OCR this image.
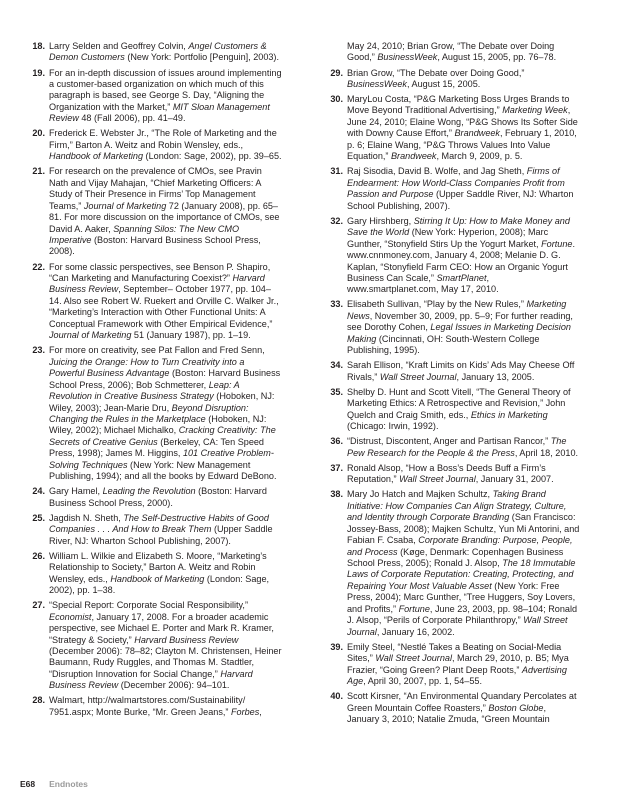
18. Larry Selden and Geoffrey Colvin, Angel Customers & Demon Customers (New York: Portfolio [Penguin], 2003).
19. For an in-depth discussion of issues around implementing a customer-based organization on which much of this paragraph is based, see George S. Day, “Aligning the Organization with the Market,” MIT Sloan Management Review 48 (Fall 2006), pp. 41–49.
20. Frederick E. Webster Jr., “The Role of Marketing and the Firm,” Barton A. Weitz and Robin Wensley, eds., Handbook of Marketing (London: Sage, 2002), pp. 39–65.
21. For research on the prevalence of CMOs, see Pravin Nath and Vijay Mahajan, “Chief Marketing Officers: A Study of Their Presence in Firms’ Top Management Teams,” Journal of Marketing 72 (January 2008), pp. 65–81. For more discussion on the importance of CMOs, see David A. Aaker, Spanning Silos: The New CMO Imperative (Boston: Harvard Business School Press, 2008).
22. For some classic perspectives, see Benson P. Shapiro, “Can Marketing and Manufacturing Coexist?” Harvard Business Review, September– October 1977, pp. 104–14. Also see Robert W. Ruekert and Orville C. Walker Jr., “Marketing’s Interaction with Other Functional Units: A Conceptual Framework with Other Empirical Evidence,” Journal of Marketing 51 (January 1987), pp. 1–19.
23. For more on creativity, see Pat Fallon and Fred Senn, Juicing the Orange: How to Turn Creativity into a Powerful Business Advantage (Boston: Harvard Business School Press, 2006); Bob Schmetterer, Leap: A Revolution in Creative Business Strategy (Hoboken, NJ: Wiley, 2003); Jean-Marie Dru, Beyond Disruption: Changing the Rules in the Marketplace (Hoboken, NJ: Wiley, 2002); Michael Michalko, Cracking Creativity: The Secrets of Creative Genius (Berkeley, CA: Ten Speed Press, 1998); James M. Higgins, 101 Creative Problem-Solving Techniques (New York: New Management Publishing, 1994); and all the books by Edward DeBono.
24. Gary Hamel, Leading the Revolution (Boston: Harvard Business School Press, 2000).
25. Jagdish N. Sheth, The Self-Destructive Habits of Good Companies . . . And How to Break Them (Upper Saddle River, NJ: Wharton School Publishing, 2007).
26. William L. Wilkie and Elizabeth S. Moore, “Marketing’s Relationship to Society,” Barton A. Weitz and Robin Wensley, eds., Handbook of Marketing (London: Sage, 2002), pp. 1–38.
27. “Special Report: Corporate Social Responsibility,” Economist, January 17, 2008. For a broader academic perspective, see Michael E. Porter and Mark R. Kramer, “Strategy & Society,” Harvard Business Review (December 2006): 78–82; Clayton M. Christensen, Heiner Baumann, Rudy Ruggles, and Thomas M. Stadtler, “Disruption Innovation for Social Change,” Harvard Business Review (December 2006): 94–101.
28. Walmart, http://walmartstores.com/Sustainability/ 7951.aspx; Monte Burke, “Mr. Green Jeans,” Forbes,
May 24, 2010; Brian Grow, “The Debate over Doing Good,” BusinessWeek, August 15, 2005, pp. 76–78.
29. Brian Grow, “The Debate over Doing Good,” BusinessWeek, August 15, 2005.
30. MaryLou Costa, “P&G Marketing Boss Urges Brands to Move Beyond Traditional Advertising,” Marketing Week, June 24, 2010; Elaine Wong, “P&G Shows Its Softer Side with Downy Cause Effort,” Brandweek, February 1, 2010, p. 6; Elaine Wang, “P&G Throws Values Into Value Equation,” Brandweek, March 9, 2009, p. 5.
31. Raj Sisodia, David B. Wolfe, and Jag Sheth, Firms of Endearment: How World-Class Companies Profit from Passion and Purpose (Upper Saddle River, NJ: Wharton School Publishing, 2007).
32. Gary Hirshberg, Stirring It Up: How to Make Money and Save the World (New York: Hyperion, 2008); Marc Gunther, “Stonyfield Stirs Up the Yogurt Market, Fortune. www.cnnmoney.com, January 4, 2008; Melanie D. G. Kaplan, “Stonyfield Farm CEO: How an Organic Yogurt Business Can Scale,” SmartPlanet, www.smartplanet.com, May 17, 2010.
33. Elisabeth Sullivan, “Play by the New Rules,” Marketing News, November 30, 2009, pp. 5–9; For further reading, see Dorothy Cohen, Legal Issues in Marketing Decision Making (Cincinnati, OH: South-Western College Publishing, 1995).
34. Sarah Ellison, “Kraft Limits on Kids’ Ads May Cheese Off Rivals,” Wall Street Journal, January 13, 2005.
35. Shelby D. Hunt and Scott Vitell, “The General Theory of Marketing Ethics: A Retrospective and Revision,” John Quelch and Craig Smith, eds., Ethics in Marketing (Chicago: Irwin, 1992).
36. “Distrust, Discontent, Anger and Partisan Rancor,” The Pew Research for the People & the Press, April 18, 2010.
37. Ronald Alsop, “How a Boss’s Deeds Buff a Firm’s Reputation,” Wall Street Journal, January 31, 2007.
38. Mary Jo Hatch and Majken Schultz, Taking Brand Initiative: How Companies Can Align Strategy, Culture, and Identity through Corporate Branding (San Francisco: Jossey-Bass, 2008); Majken Schultz, Yun Mi Antorini, and Fabian F. Csaba, Corporate Branding: Purpose, People, and Process (Køge, Denmark: Copenhagen Business School Press, 2005); Ronald J. Alsop, The 18 Immutable Laws of Corporate Reputation: Creating, Protecting, and Repairing Your Most Valuable Asset (New York: Free Press, 2004); Marc Gunther, “Tree Huggers, Soy Lovers, and Profits,” Fortune, June 23, 2003, pp. 98–104; Ronald J. Alsop, “Perils of Corporate Philanthropy,” Wall Street Journal, January 16, 2002.
39. Emily Steel, “Nestlé Takes a Beating on Social-Media Sites,” Wall Street Journal, March 29, 2010, p. B5; Mya Frazier, “Going Green? Plant Deep Roots,” Advertising Age, April 30, 2007, pp. 1, 54–55.
40. Scott Kirsner, “An Environmental Quandary Percolates at Green Mountain Coffee Roasters,” Boston Globe, January 3, 2010; Natalie Zmuda, “Green Mountain
E68 Endnotes
